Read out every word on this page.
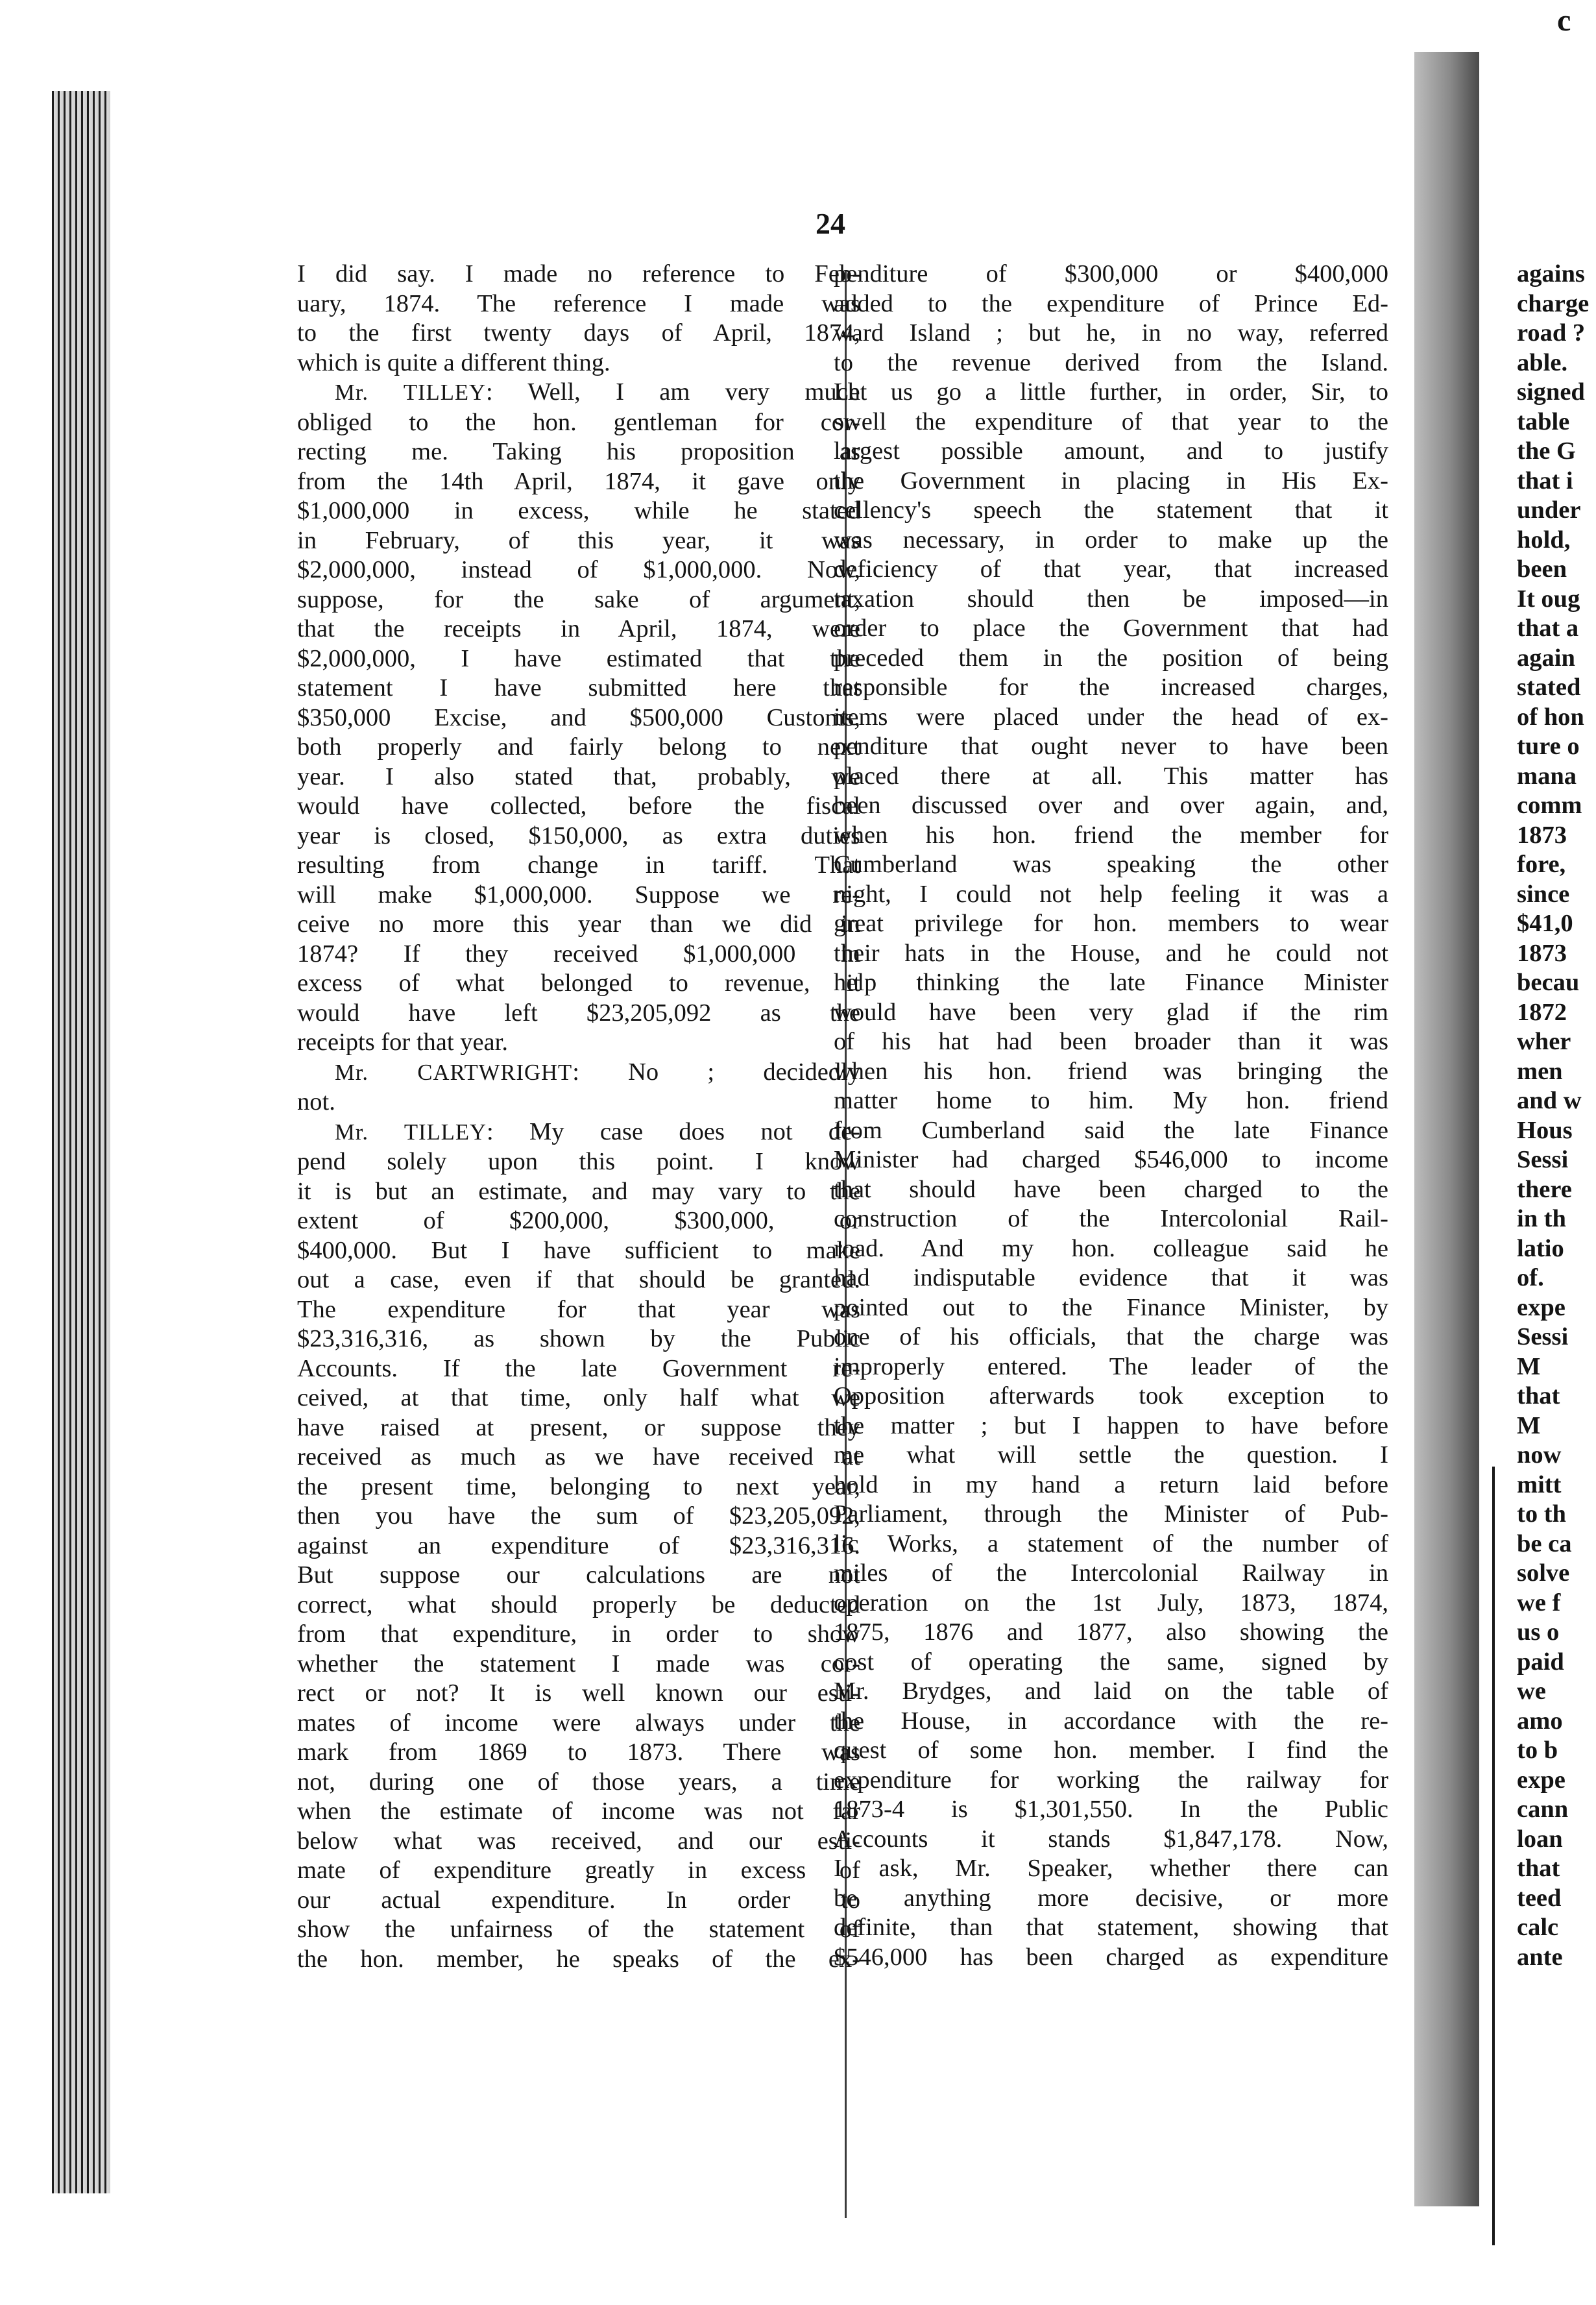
c
24
I did say. I made no reference to Feb-
uary, 1874. The reference I made was
to the first twenty days of April, 1874,
which is quite a different thing.
Mr. TILLEY: Well, I am very much
obliged to the hon. gentleman for cor-
recting me. Taking his proposition as
from the 14th April, 1874, it gave only
$1,000,000 in excess, while he stated
in February, of this year, it was
$2,000,000, instead of $1,000,000. Now,
suppose, for the sake of argument,
that the receipts in April, 1874, were
$2,000,000, I have estimated that the
statement I have submitted here that
$350,000 Excise, and $500,000 Customs,
both properly and fairly belong to next
year. I also stated that, probably, we
would have collected, before the fiscal
year is closed, $150,000, as extra duties
resulting from change in tariff. That
will make $1,000,000. Suppose we re-
ceive no more this year than we did in
1874? If they received $1,000,000 in
excess of what belonged to revenue, it
would have left $23,205,092 as the
receipts for that year.
Mr. CARTWRIGHT: No ; decidedly
not.
Mr. TILLEY: My case does not de-
pend solely upon this point. I know
it is but an estimate, and may vary to the
extent of $200,000, $300,000, or
$400,000. But I have sufficient to make
out a case, even if that should be granted.
The expenditure for that year was
$23,316,316, as shown by the Public
Accounts. If the late Government re-
ceived, at that time, only half what we
have raised at present, or suppose they
received as much as we have received at
the present time, belonging to next year,
then you have the sum of $23,205,092,
against an expenditure of $23,316,316.
But suppose our calculations are not
correct, what should properly be deducted
from that expenditure, in order to show
whether the statement I made was cor-
rect or not? It is well known our esti-
mates of income were always under the
mark from 1869 to 1873. There was
not, during one of those years, a time
when the estimate of income was not far
below what was received, and our esti-
mate of expenditure greatly in excess of
our actual expenditure. In order to
show the unfairness of the statement of
the hon. member, he speaks of the ex-
penditure of $300,000 or $400,000
added to the expenditure of Prince Ed-
ward Island ; but he, in no way, referred
to the revenue derived from the Island.
Let us go a little further, in order, Sir, to
swell the expenditure of that year to the
largest possible amount, and to justify
the Government in placing in His Ex-
cellency's speech the statement that it
was necessary, in order to make up the
deficiency of that year, that increased
taxation should then be imposed—in
order to place the Government that had
preceded them in the position of being
responsible for the increased charges,
items were placed under the head of ex-
penditure that ought never to have been
placed there at all. This matter has
been discussed over and over again, and,
when his hon. friend the member for
Cumberland was speaking the other
night, I could not help feeling it was a
great privilege for hon. members to wear
their hats in the House, and he could not
help thinking the late Finance Minister
would have been very glad if the rim
of his hat had been broader than it was
when his hon. friend was bringing the
matter home to him. My hon. friend
from Cumberland said the late Finance
Minister had charged $546,000 to income
that should have been charged to the
construction of the Intercolonial Rail-
road. And my hon. colleague said he
had indisputable evidence that it was
pointed out to the Finance Minister, by
one of his officials, that the charge was
improperly entered. The leader of the
Opposition afterwards took exception to
the matter ; but I happen to have before
me what will settle the question. I
hold in my hand a return laid before
Parliament, through the Minister of Pub-
lic Works, a statement of the number of
miles of the Intercolonial Railway in
operation on the 1st July, 1873, 1874,
1875, 1876 and 1877, also showing the
cost of operating the same, signed by
Mr. Brydges, and laid on the table of
the House, in accordance with the re-
quest of some hon. member. I find the
expenditure for working the railway for
1873-4 is $1,301,550. In the Public
Accounts it stands $1,847,178. Now,
I ask, Mr. Speaker, whether there can
be anything more decisive, or more
definite, than that statement, showing that
$546,000 has been charged as expenditure
agains
charge
road ?
able.
signed
table
the G
that i
under
hold,
been
It oug
that a
again
stated
of hon
ture o
mana
comm
1873
fore,
since
$41,0
1873
becau
1872
wher
men
and w
Hous
Sessi
there
in th
latio
of.
expe
Sessi
M
that
M
now
mitt
to th
be ca
solve
we f
us o
paid
we
amo
to b
expe
cann
loan
that
teed
calc
ante
